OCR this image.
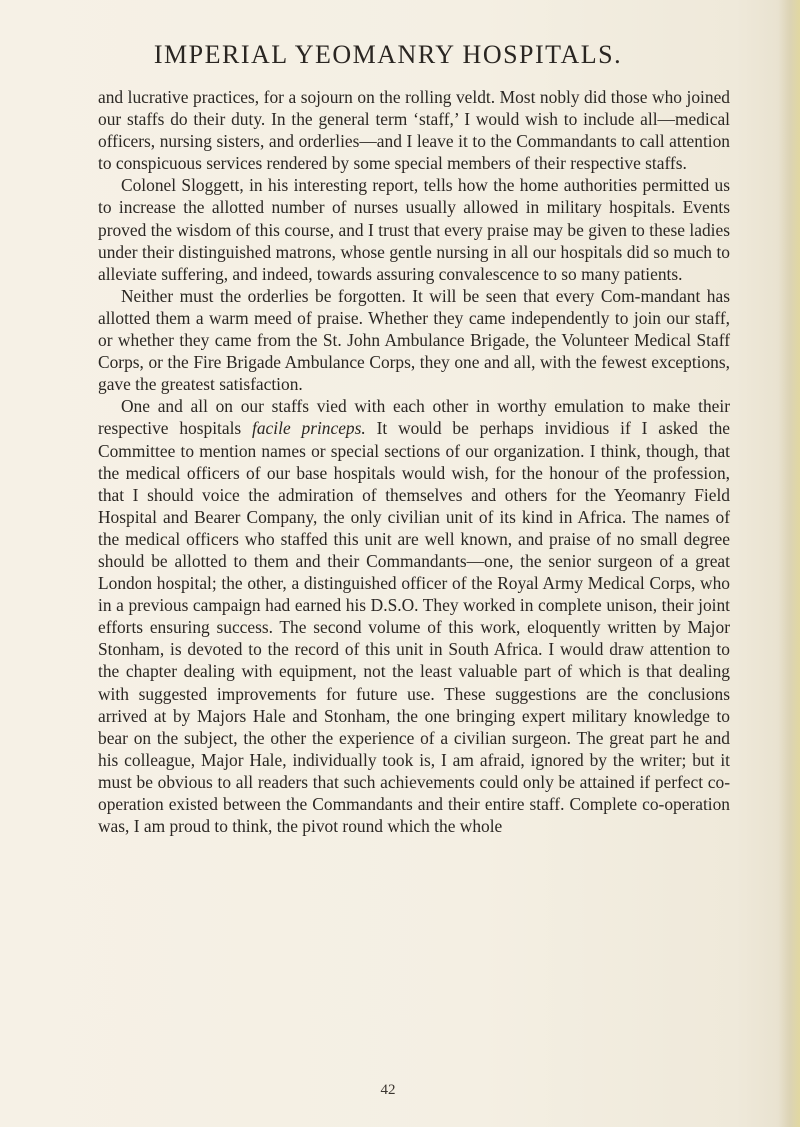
IMPERIAL YEOMANRY HOSPITALS.

and lucrative practices, for a sojourn on the rolling veldt. Most nobly did those who joined our staffs do their duty. In the general term ‘staff,’ I would wish to include all—medical officers, nursing sisters, and orderlies—and I leave it to the Commandants to call attention to conspicuous services rendered by some special members of their respective staffs.

Colonel Sloggett, in his interesting report, tells how the home authorities permitted us to increase the allotted number of nurses usually allowed in military hospitals. Events proved the wisdom of this course, and I trust that every praise may be given to these ladies under their distinguished matrons, whose gentle nursing in all our hospitals did so much to alleviate suffering, and indeed, towards assuring convalescence to so many patients.

Neither must the orderlies be forgotten. It will be seen that every Com-mandant has allotted them a warm meed of praise. Whether they came independently to join our staff, or whether they came from the St. John Ambulance Brigade, the Volunteer Medical Staff Corps, or the Fire Brigade Ambulance Corps, they one and all, with the fewest exceptions, gave the greatest satisfaction.

One and all on our staffs vied with each other in worthy emulation to make their respective hospitals facile princeps. It would be perhaps invidious if I asked the Committee to mention names or special sections of our organization. I think, though, that the medical officers of our base hospitals would wish, for the honour of the profession, that I should voice the admiration of themselves and others for the Yeomanry Field Hospital and Bearer Company, the only civilian unit of its kind in Africa. The names of the medical officers who staffed this unit are well known, and praise of no small degree should be allotted to them and their Commandants—one, the senior surgeon of a great London hospital; the other, a distinguished officer of the Royal Army Medical Corps, who in a previous campaign had earned his D.S.O. They worked in complete unison, their joint efforts ensuring success. The second volume of this work, eloquently written by Major Stonham, is devoted to the record of this unit in South Africa. I would draw attention to the chapter dealing with equipment, not the least valuable part of which is that dealing with suggested improvements for future use. These suggestions are the conclusions arrived at by Majors Hale and Stonham, the one bringing expert military knowledge to bear on the subject, the other the experience of a civilian surgeon. The great part he and his colleague, Major Hale, individually took is, I am afraid, ignored by the writer; but it must be obvious to all readers that such achievements could only be attained if perfect co-operation existed between the Commandants and their entire staff. Complete co-operation was, I am proud to think, the pivot round which the whole

42
